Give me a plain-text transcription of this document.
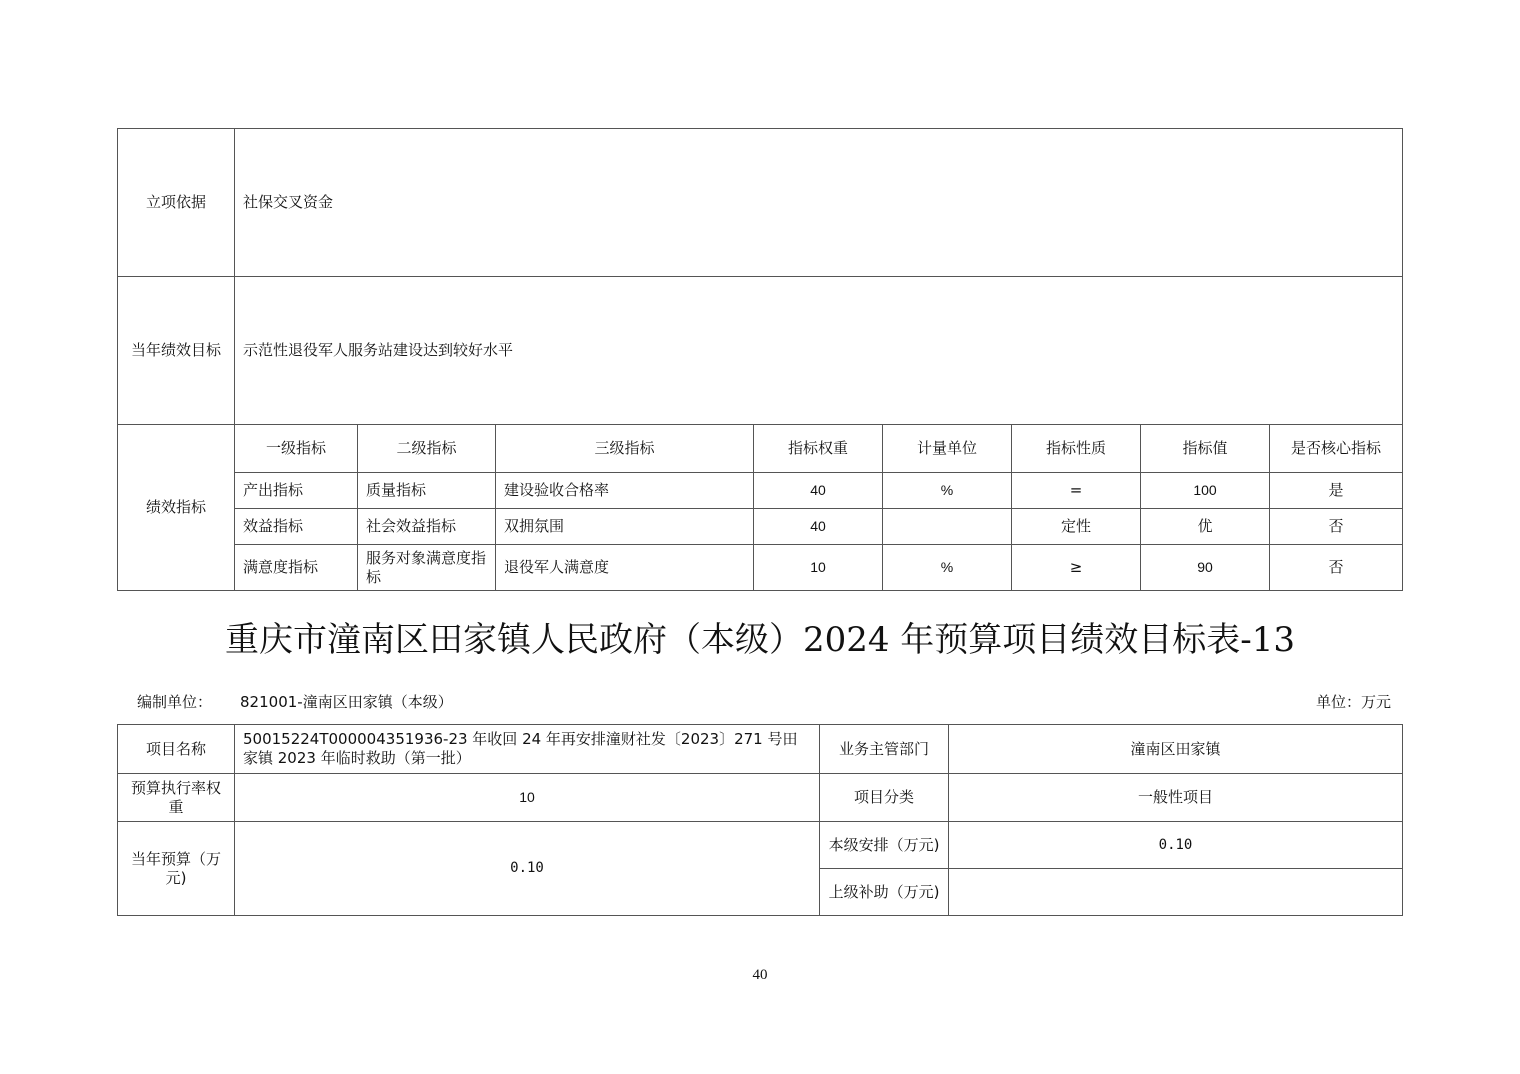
立项依据	社保交叉资金							
当年绩效目标	示范性退役军人服务站建设达到较好水平							
绩效指标	一级指标	二级指标	三级指标	指标权重	计量单位	指标性质	指标值	是否核心指标
	产出指标	质量指标	建设验收合格率	40	%	=	100	是
	效益指标	社会效益指标	双拥氛围	40		定性	优	否
	满意度指标	服务对象满意度指标	退役军人满意度	10	%	≥	90	否
重庆市潼南区田家镇人民政府（本级）2024 年预算项目绩效目标表-13
编制单位： 821001-潼南区田家镇（本级）	单位：万元
项目名称	50015224T000004351936-23 年收回 24 年再安排潼财社发〔2023〕271 号田家镇 2023 年临时救助（第一批）	业务主管部门	潼南区田家镇
预算执行率权重	10	项目分类	一般性项目
当年预算（万元)	0.10	本级安排（万元)	0.10
		上级补助（万元)	
40
